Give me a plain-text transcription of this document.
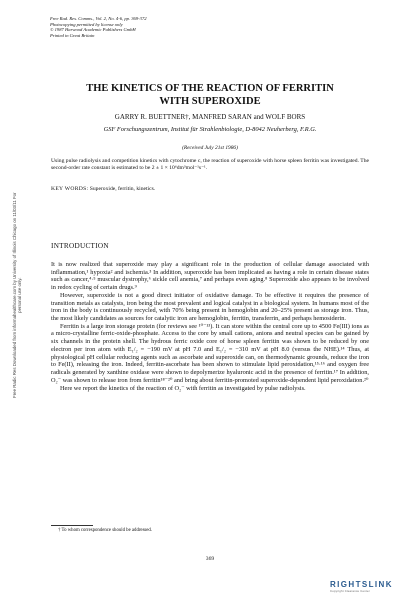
Free Rad. Res. Comms., Vol. 2, No. 4-6, pp. 369-372
Photocopying permitted by license only
© 1987 Harwood Academic Publishers GmbH
Printed in Great Britain
THE KINETICS OF THE REACTION OF FERRITIN
WITH SUPEROXIDE
GARRY R. BUETTNER†, MANFRED SARAN and WOLF BORS
GSF Forschungszentrum, Institut für Strahlenbiologie, D-8042 Neuherberg, F.R.G.
(Received July 21st 1986)
Using pulse radiolysis and competition kinetics with cytochrome c, the reaction of superoxide with horse spleen ferritin was investigated. The second-order rate constant is estimated to be 2 ± 1 × 10⁶dm³mol⁻¹s⁻¹.
KEY WORDS: Superoxide, ferritin, kinetics.
INTRODUCTION

It is now realized that superoxide may play a significant role in the production of cellular damage associated with inflammation,¹ hypoxia² and ischemia.³ In addition, superoxide has been implicated as having a role in certain disease states such as cancer,⁴·⁵ muscular dystrophy,⁶ sickle cell anemia,⁷ and perhaps even aging.⁸ Superoxide also appears to be involved in redox cycling of certain drugs.⁹

However, superoxide is not a good direct initiator of oxidative damage. To be effective it requires the presence of transition metals as catalysts, iron being the most prevalent and logical catalyst in a biological system. In humans most of the iron in the body is continuously recycled, with 70% being present in hemoglobin and 20–25% present as storage iron. Thus, the most likely candidates as sources for catalytic iron are hemoglobin, ferritin, transferrin, and perhaps hemosiderin.

Ferritin is a large iron storage protein (for reviews see ¹⁰⁻¹³). It can store within the central core up to 4500 Fe(III) ions as a micro-crystalline ferric-oxide-phosphate. Access to the core by small cations, anions and neutral species can be gained by six channels in the protein shell. The hydrous ferric oxide core of horse spleen ferritin was shown to be reduced by one electron per iron atom with E₁/₂ = −190 mV at pH 7.0 and E₁/₂ = −310 mV at pH 8.0 (versus the NHE).¹⁴ Thus, at physiological pH cellular reducing agents such as ascorbate and superoxide can, on thermodynamic grounds, reduce the iron to Fe(II), releasing the iron. Indeed, ferritin-ascorbate has been shown to stimulate lipid peroxidation,¹⁵·¹⁶ and oxygen free radicals generated by xanthine oxidase were shown to depolymerize hyaluronic acid in the presence of ferritin.¹⁷ In addition, O₂⁻ was shown to release iron from ferritin¹⁸⁻²⁰ and bring about ferritin-promoted superoxide-dependent lipid peroxidation.²⁰

Here we report the kinetics of the reaction of O₂⁻ with ferritin as investigated by pulse radiolysis.

† To whom correspondence should be addressed.
369
Free Radic Res Downloaded from informahealthcare.com by University of Illinois Chicago on 11/03/11 For personal use only.
RIGHTSLINK
Copyright Clearance Center
